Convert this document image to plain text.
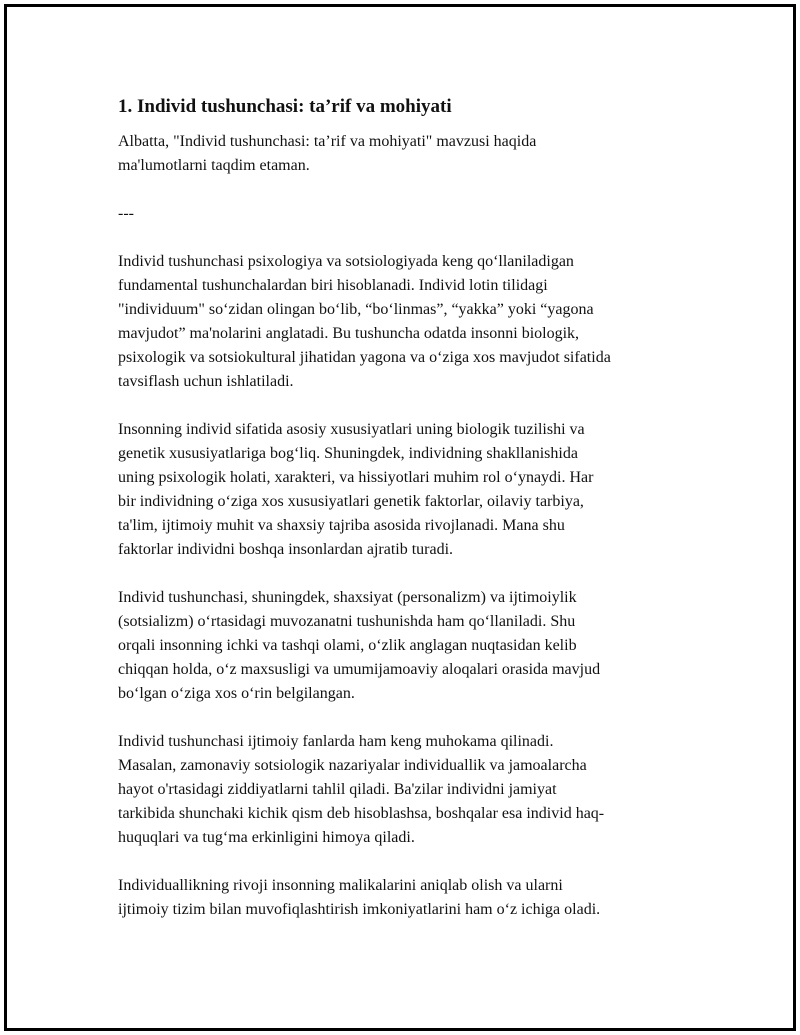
1. Individ tushunchasi: ta’rif va mohiyati

Albatta, "Individ tushunchasi: ta’rif va mohiyati" mavzusi haqida
ma'lumotlarni taqdim etaman.

---

Individ tushunchasi psixologiya va sotsiologiyada keng qo‘llaniladigan
fundamental tushunchalardan biri hisoblanadi. Individ lotin tilidagi
"individuum" so‘zidan olingan bo‘lib, “bo‘linmas”, “yakka” yoki “yagona
mavjudot” ma'nolarini anglatadi. Bu tushuncha odatda insonni biologik,
psixologik va sotsiokultural jihatidan yagona va o‘ziga xos mavjudot sifatida
tavsiflash uchun ishlatiladi.

Insonning individ sifatida asosiy xususiyatlari uning biologik tuzilishi va
genetik xususiyatlariga bog‘liq. Shuningdek, individning shakllanishida
uning psixologik holati, xarakteri, va hissiyotlari muhim rol o‘ynaydi. Har
bir individning o‘ziga xos xususiyatlari genetik faktorlar, oilaviy tarbiya,
ta'lim, ijtimoiy muhit va shaxsiy tajriba asosida rivojlanadi. Mana shu
faktorlar individni boshqa insonlardan ajratib turadi.

Individ tushunchasi, shuningdek, shaxsiyat (personalizm) va ijtimoiylik
(sotsializm) o‘rtasidagi muvozanatni tushunishda ham qo‘llaniladi. Shu
orqali insonning ichki va tashqi olami, o‘zlik anglagan nuqtasidan kelib
chiqqan holda, o‘z maxsusligi va umumijamoaviy aloqalari orasida mavjud
bo‘lgan o‘ziga xos o‘rin belgilangan.

Individ tushunchasi ijtimoiy fanlarda ham keng muhokama qilinadi.
Masalan, zamonaviy sotsiologik nazariyalar individuallik va jamoalarcha
hayot o'rtasidagi ziddiyatlarni tahlil qiladi. Ba'zilar individni jamiyat
tarkibida shunchaki kichik qism deb hisoblashsa, boshqalar esa individ haq-
huquqlari va tug‘ma erkinligini himoya qiladi.

Individuallikning rivoji insonning malikalarini aniqlab olish va ularni
ijtimoiy tizim bilan muvofiqlashtirish imkoniyatlarini ham o‘z ichiga oladi.
